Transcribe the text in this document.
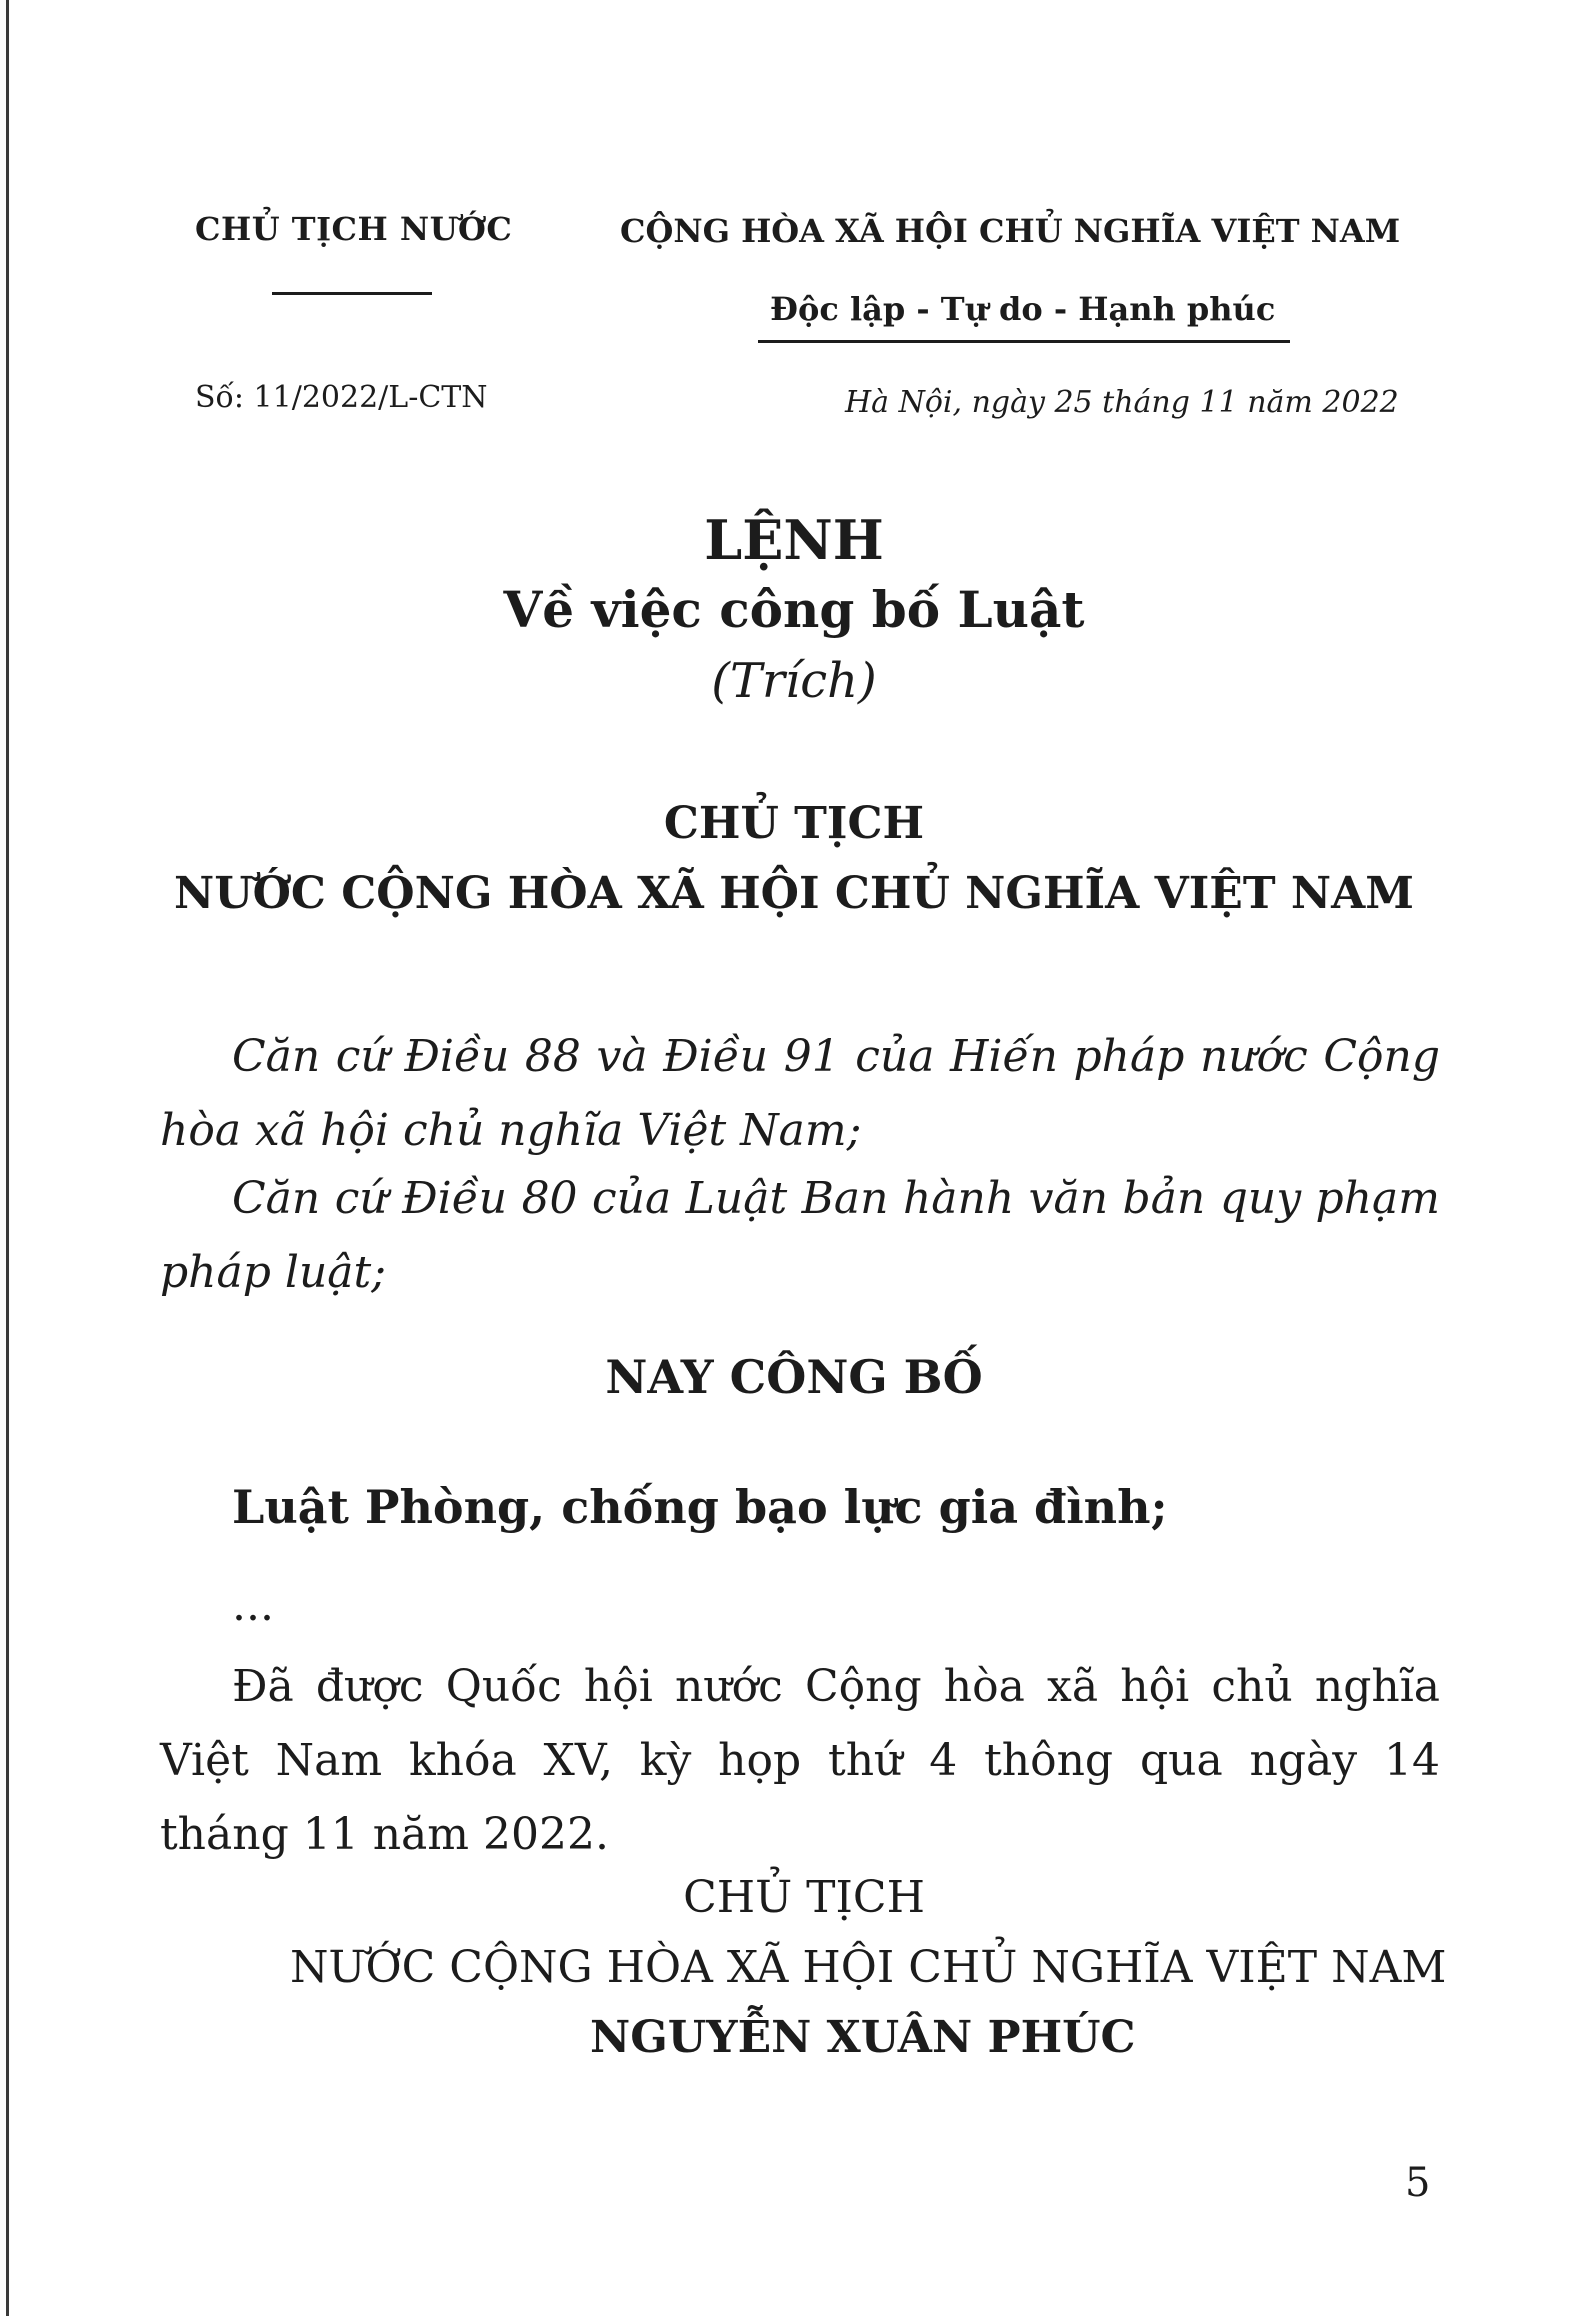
CHỦ TỊCH NƯỚC	CỘNG HÒA XÃ HỘI CHỦ NGHĨA VIỆT NAM
Độc lập - Tự do - Hạnh phúc
Số: 11/2022/L-CTN	Hà Nội, ngày 25 tháng 11 năm 2022
LỆNH
Về việc công bố Luật
(Trích)
CHỦ TỊCH
NƯỚC CỘNG HÒA XÃ HỘI CHỦ NGHĨA VIỆT NAM

Căn cứ Điều 88 và Điều 91 của Hiến pháp nước Cộng hòa xã hội chủ nghĩa Việt Nam;

Căn cứ Điều 80 của Luật Ban hành văn bản quy phạm pháp luật;

NAY CÔNG BỐ
Luật Phòng, chống bạo lực gia đình;
...

Đã được Quốc hội nước Cộng hòa xã hội chủ nghĩa Việt Nam khóa XV, kỳ họp thứ 4 thông qua ngày 14 tháng 11 năm 2022.

CHỦ TỊCH
NƯỚC CỘNG HÒA XÃ HỘI CHỦ NGHĨA VIỆT NAM
NGUYỄN XUÂN PHÚC
5
